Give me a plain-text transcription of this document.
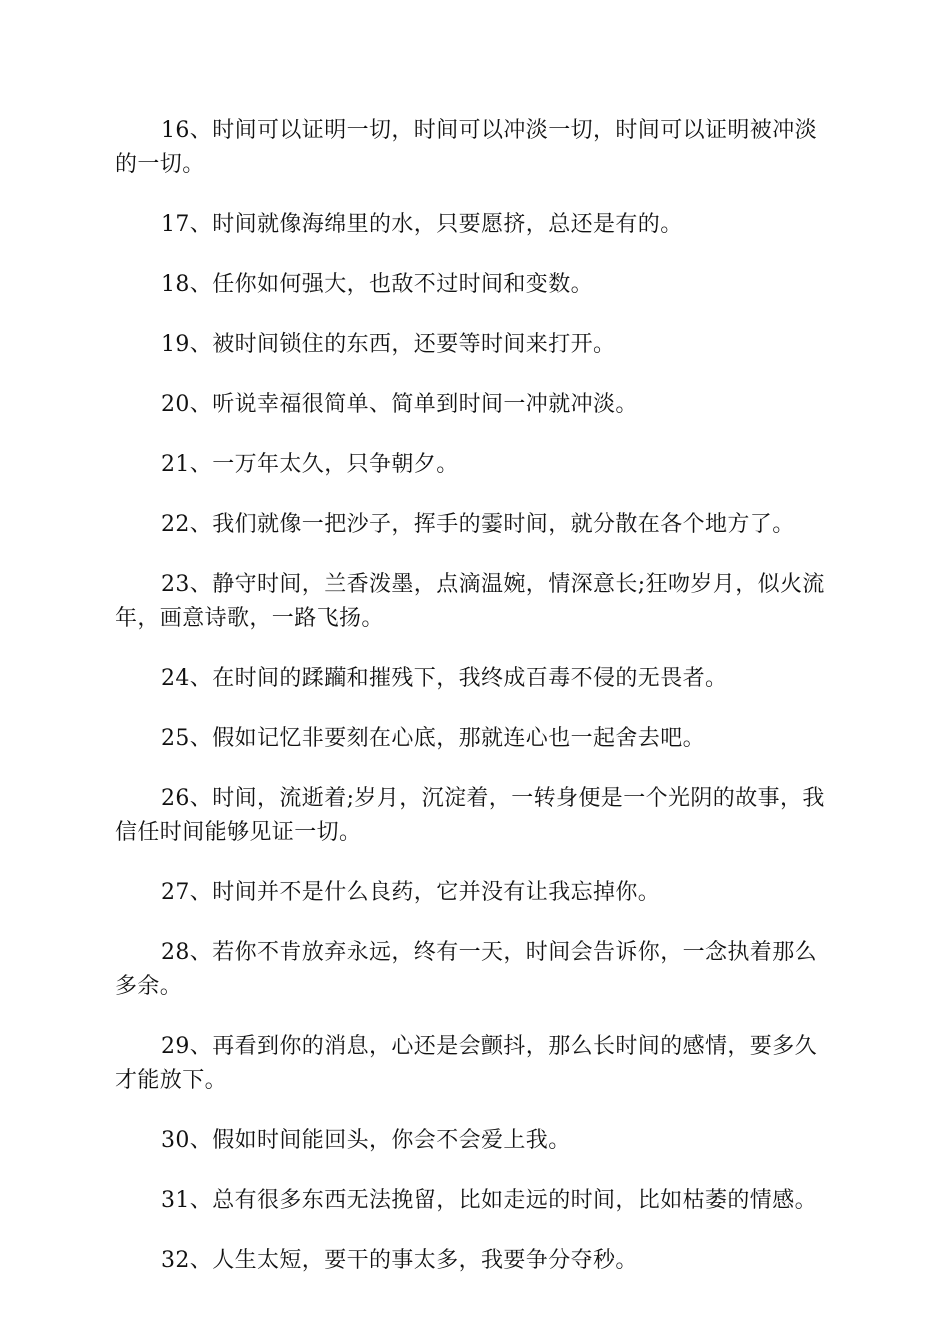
16、时间可以证明一切，时间可以冲淡一切，时间可以证明被冲淡的一切。

17、时间就像海绵里的水，只要愿挤，总还是有的。

18、任你如何强大，也敌不过时间和变数。

19、被时间锁住的东西，还要等时间来打开。

20、听说幸福很简单、简单到时间一冲就冲淡。

21、一万年太久，只争朝夕。

22、我们就像一把沙子，挥手的霎时间，就分散在各个地方了。

23、静守时间，兰香泼墨，点滴温婉，情深意长;狂吻岁月，似火流年，画意诗歌，一路飞扬。

24、在时间的蹂躏和摧残下，我终成百毒不侵的无畏者。

25、假如记忆非要刻在心底，那就连心也一起舍去吧。

26、时间，流逝着;岁月，沉淀着，一转身便是一个光阴的故事，我信任时间能够见证一切。

27、时间并不是什么良药，它并没有让我忘掉你。

28、若你不肯放弃永远，终有一天，时间会告诉你，一念执着那么多余。

29、再看到你的消息，心还是会颤抖，那么长时间的感情，要多久才能放下。

30、假如时间能回头，你会不会爱上我。

31、总有很多东西无法挽留，比如走远的时间，比如枯萎的情感。

32、人生太短，要干的事太多，我要争分夺秒。
